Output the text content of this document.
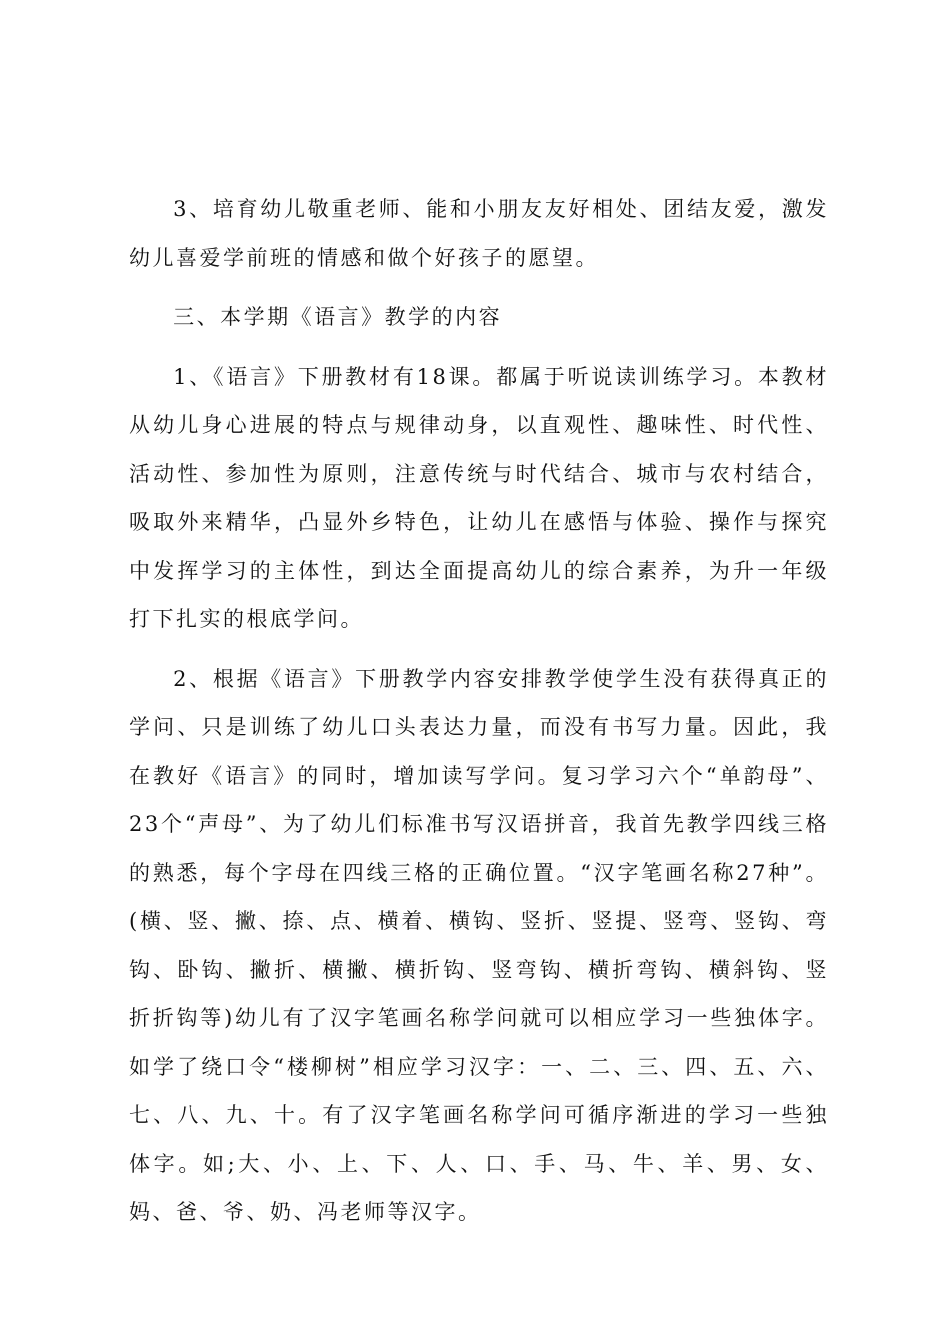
3、培育幼儿敬重老师、能和小朋友友好相处、团结友爱，激发幼儿喜爱学前班的情感和做个好孩子的愿望。

三、本学期《语言》教学的内容

1、《语言》下册教材有18课。都属于听说读训练学习。本教材从幼儿身心进展的特点与规律动身，以直观性、趣味性、时代性、活动性、参加性为原则，注意传统与时代结合、城市与农村结合，吸取外来精华，凸显外乡特色，让幼儿在感悟与体验、操作与探究中发挥学习的主体性，到达全面提高幼儿的综合素养，为升一年级打下扎实的根底学问。

2、根据《语言》下册教学内容安排教学使学生没有获得真正的学问、只是训练了幼儿口头表达力量，而没有书写力量。因此，我在教好《语言》的同时，增加读写学问。复习学习六个“单韵母”、23个“声母”、为了幼儿们标准书写汉语拼音，我首先教学四线三格的熟悉，每个字母在四线三格的正确位置。“汉字笔画名称27种”。(横、竖、撇、捺、点、横着、横钩、竖折、竖提、竖弯、竖钩、弯钩、卧钩、撇折、横撇、横折钩、竖弯钩、横折弯钩、横斜钩、竖折折钩等)幼儿有了汉字笔画名称学问就可以相应学习一些独体字。如学了绕口令“楼柳树”相应学习汉字：一、二、三、四、五、六、七、八、九、十。有了汉字笔画名称学问可循序渐进的学习一些独体字。如;大、小、上、下、人、口、手、马、牛、羊、男、女、妈、爸、爷、奶、冯老师等汉字。
